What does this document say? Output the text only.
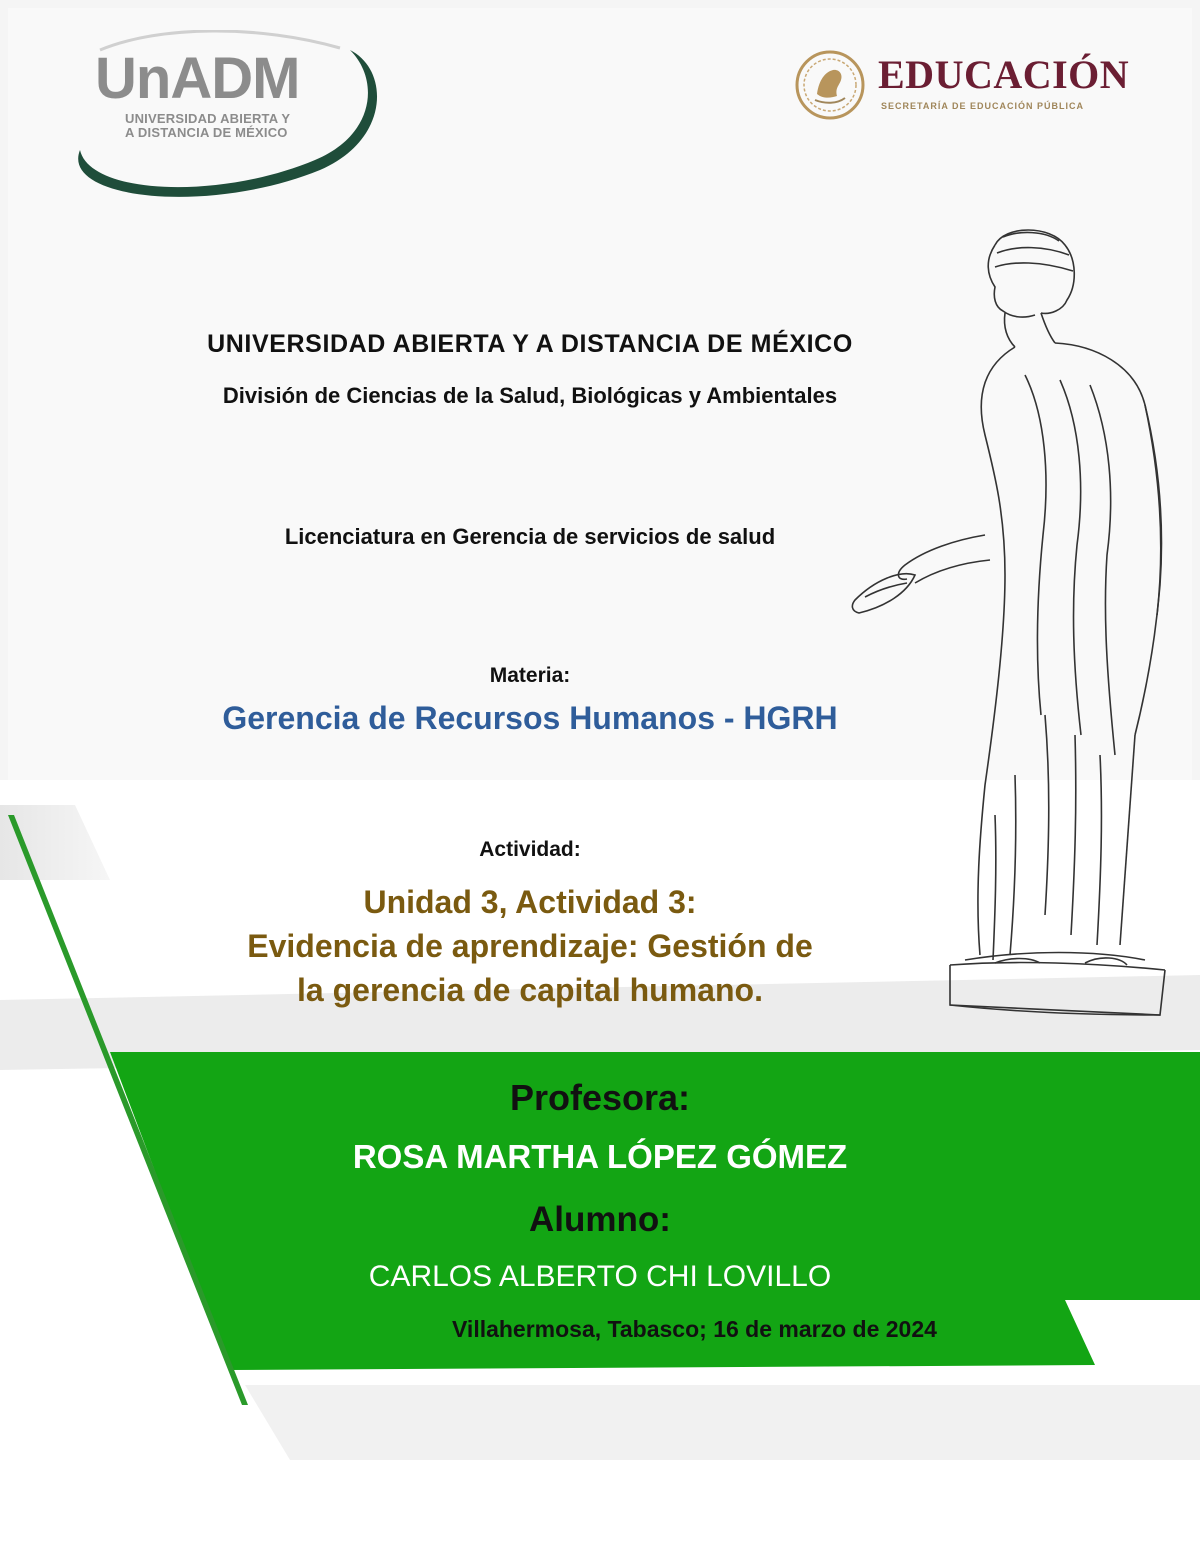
UnADM
UNIVERSIDAD ABIERTA Y
A DISTANCIA DE MÉXICO
EDUCACIÓN
SECRETARÍA DE EDUCACIÓN PÚBLICA
UNIVERSIDAD ABIERTA Y A DISTANCIA DE MÉXICO
División de Ciencias de la Salud, Biológicas y Ambientales
Licenciatura en Gerencia de servicios de salud
Materia:
Gerencia de Recursos Humanos - HGRH
Actividad:
Unidad 3, Actividad 3:
Evidencia de aprendizaje: Gestión de
la gerencia de capital humano.
Profesora:
ROSA MARTHA LÓPEZ GÓMEZ
Alumno:
CARLOS ALBERTO CHI LOVILLO
Villahermosa, Tabasco; 16 de marzo de 2024
